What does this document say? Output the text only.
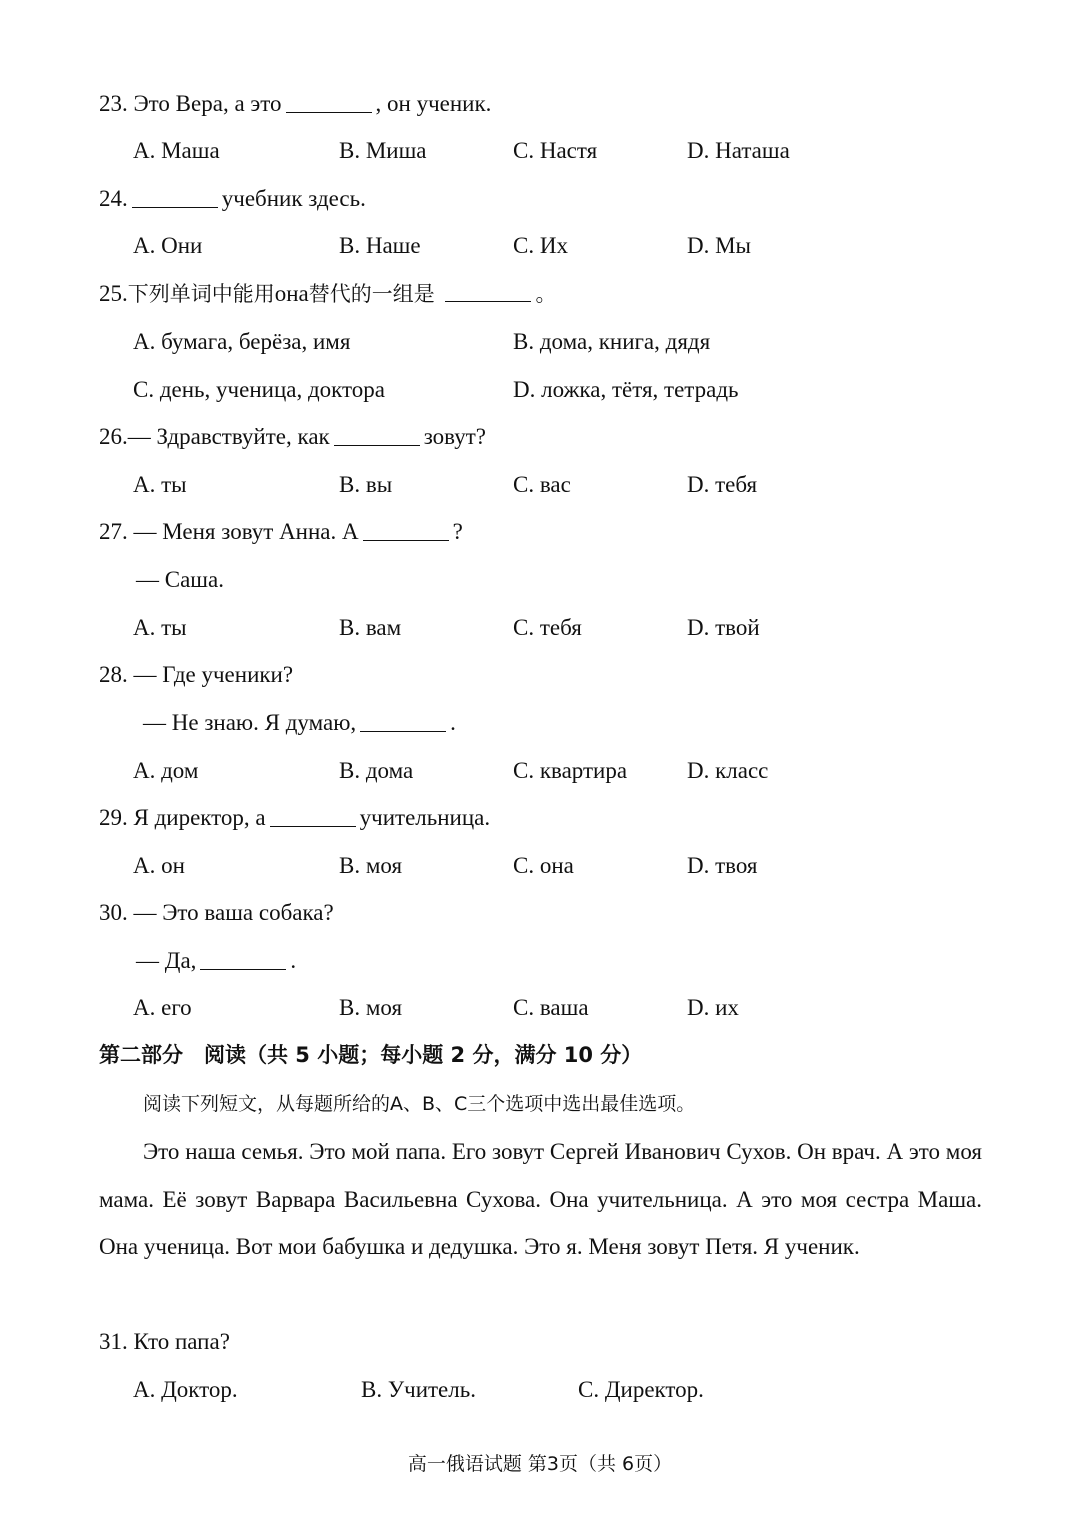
23. Это Вера, а это	, он ученик.
A. Маша	B. Миша	C. Настя	D. Наташа
24.	учебник здесь.
A. Они	B. Наше	C. Их	D. Мы
25.下列单词中能用она替代的一组是	。
A. бумага, берёза, имя	B. дома, книга, дядя
C. день, ученица, доктора	D. ложка, тётя, тетрадь
26.— Здравствуйте, как	зовут?
A. ты	B. вы	C. вас	D. тебя
27. — Меня зовут Анна. А	?
— Саша.
A. ты	B. вам	C. тебя	D. твой
28. — Где ученики?
— Не знаю. Я думаю,	.
A. дом	B. дома	C. квартира	D. класс
29. Я директор, а	учительница.
A. он	B. моя	C. она	D. твоя
30. — Это ваша собака?
— Да,	.
A. его	B. моя	C. ваша	D. их
第二部分　阅读（共 5 小题；每小题 2 分，满分 10 分）
阅读下列短文，从每题所给的A、B、C三个选项中选出最佳选项。
Это наша семья. Это мой папа. Его зовут Сергей Иванович Сухов. Он врач. А это моя мама. Её зовут Варвара Васильевна Сухова. Она учительница. А это моя сестра Маша. Она ученица. Вот мои бабушка и дедушка. Это я. Меня зовут Петя. Я ученик.
31. Кто папа?
A. Доктор.	B. Учитель.	C. Директор.
高一俄语试题 第3页（共 6页）
